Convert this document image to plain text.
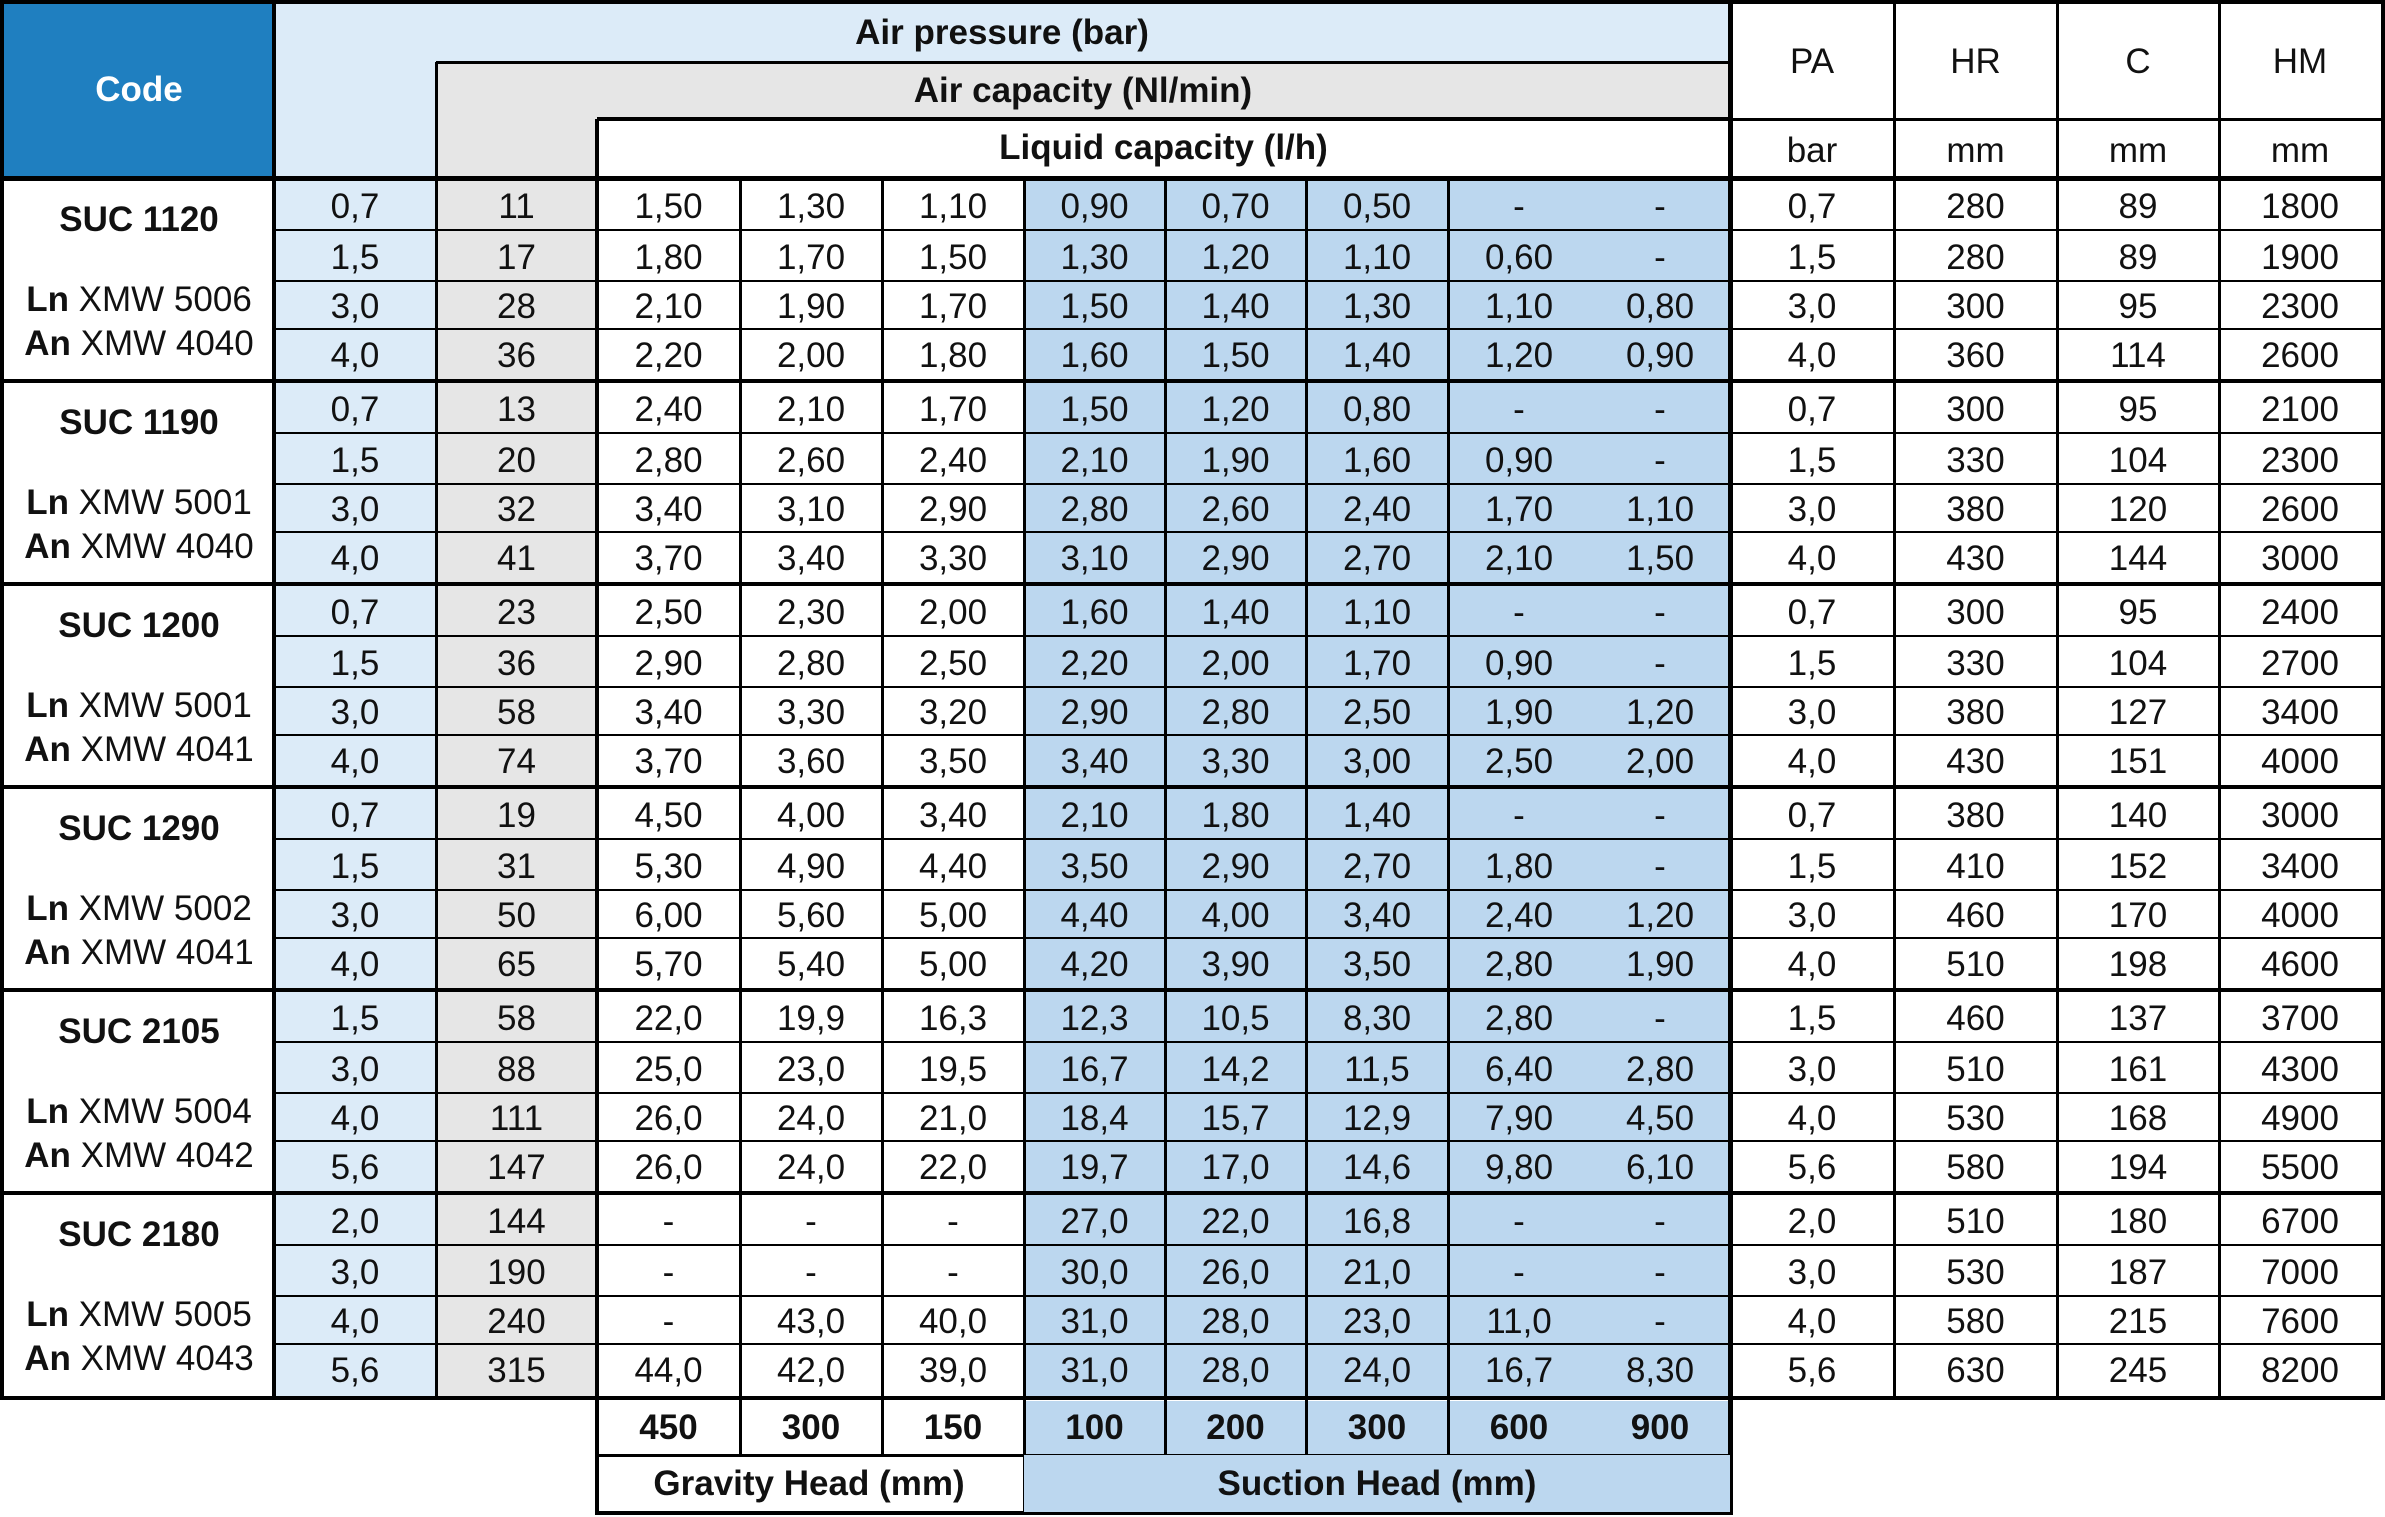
Code
Air pressure (bar)
Air capacity (Nl/min)
Liquid capacity (l/h)
PA
bar
HR
mm
C
mm
HM
mm
SUC 1120
Ln XMW 5006
An XMW 4040
0,7	11	1,50	1,30	1,10	0,90	0,70	0,50	-	-	0,7	280	89	1800
1,5	17	1,80	1,70	1,50	1,30	1,20	1,10	0,60	-	1,5	280	89	1900
3,0	28	2,10	1,90	1,70	1,50	1,40	1,30	1,10	0,80	3,0	300	95	2300
4,0	36	2,20	2,00	1,80	1,60	1,50	1,40	1,20	0,90	4,0	360	114	2600
SUC 1190
Ln XMW 5001
An XMW 4040
0,7	13	2,40	2,10	1,70	1,50	1,20	0,80	-	-	0,7	300	95	2100
1,5	20	2,80	2,60	2,40	2,10	1,90	1,60	0,90	-	1,5	330	104	2300
3,0	32	3,40	3,10	2,90	2,80	2,60	2,40	1,70	1,10	3,0	380	120	2600
4,0	41	3,70	3,40	3,30	3,10	2,90	2,70	2,10	1,50	4,0	430	144	3000
SUC 1200
Ln XMW 5001
An XMW 4041
0,7	23	2,50	2,30	2,00	1,60	1,40	1,10	-	-	0,7	300	95	2400
1,5	36	2,90	2,80	2,50	2,20	2,00	1,70	0,90	-	1,5	330	104	2700
3,0	58	3,40	3,30	3,20	2,90	2,80	2,50	1,90	1,20	3,0	380	127	3400
4,0	74	3,70	3,60	3,50	3,40	3,30	3,00	2,50	2,00	4,0	430	151	4000
SUC 1290
Ln XMW 5002
An XMW 4041
0,7	19	4,50	4,00	3,40	2,10	1,80	1,40	-	-	0,7	380	140	3000
1,5	31	5,30	4,90	4,40	3,50	2,90	2,70	1,80	-	1,5	410	152	3400
3,0	50	6,00	5,60	5,00	4,40	4,00	3,40	2,40	1,20	3,0	460	170	4000
4,0	65	5,70	5,40	5,00	4,20	3,90	3,50	2,80	1,90	4,0	510	198	4600
SUC 2105
Ln XMW 5004
An XMW 4042
1,5	58	22,0	19,9	16,3	12,3	10,5	8,30	2,80	-	1,5	460	137	3700
3,0	88	25,0	23,0	19,5	16,7	14,2	11,5	6,40	2,80	3,0	510	161	4300
4,0	111	26,0	24,0	21,0	18,4	15,7	12,9	7,90	4,50	4,0	530	168	4900
5,6	147	26,0	24,0	22,0	19,7	17,0	14,6	9,80	6,10	5,6	580	194	5500
SUC 2180
Ln XMW 5005
An XMW 4043
2,0	144	-	-	-	27,0	22,0	16,8	-	-	2,0	510	180	6700
3,0	190	-	-	-	30,0	26,0	21,0	-	-	3,0	530	187	7000
4,0	240	-	43,0	40,0	31,0	28,0	23,0	11,0	-	4,0	580	215	7600
5,6	315	44,0	42,0	39,0	31,0	28,0	24,0	16,7	8,30	5,6	630	245	8200
450	300	150	100	200	300	600	900
Gravity Head (mm)	Suction Head (mm)
